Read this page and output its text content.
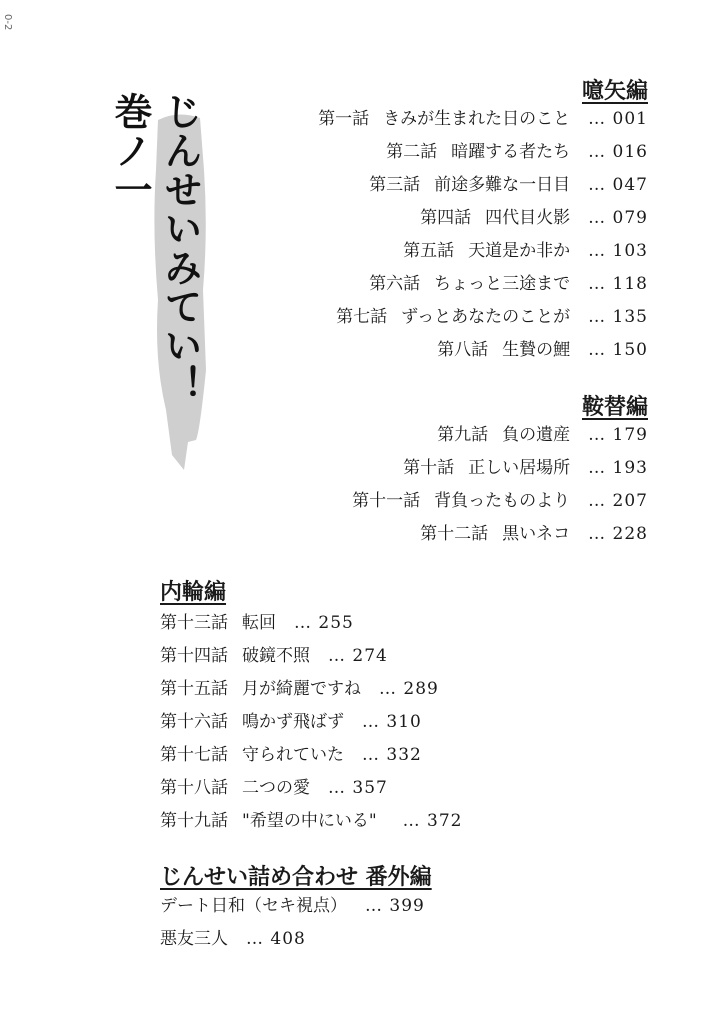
0-2
じんせいみてい！巻ノ一
噫矢編
第一話 きみが生まれた日のこと … 001
第二話 暗躍する者たち … 016
第三話 前途多難な一日目 … 047
第四話 四代目火影 … 079
第五話 天道是か非か … 103
第六話 ちょっと三途まで … 118
第七話 ずっとあなたのことが … 135
第八話 生贄の鯉 … 150
鞍替編
第九話 負の遺産 … 179
第十話 正しい居場所 … 193
第十一話 背負ったものより … 207
第十二話 黒いネコ … 228
内輪編
第十三話 転回 … 255
第十四話 破鏡不照 … 274
第十五話 月が綺麗ですね … 289
第十六話 鳴かず飛ばず … 310
第十七話 守られていた … 332
第十八話 二つの愛 … 357
第十九話 "希望の中にいる" … 372
じんせい詰め合わせ 番外編
デート日和（セキ視点） … 399
悪友三人 … 408
